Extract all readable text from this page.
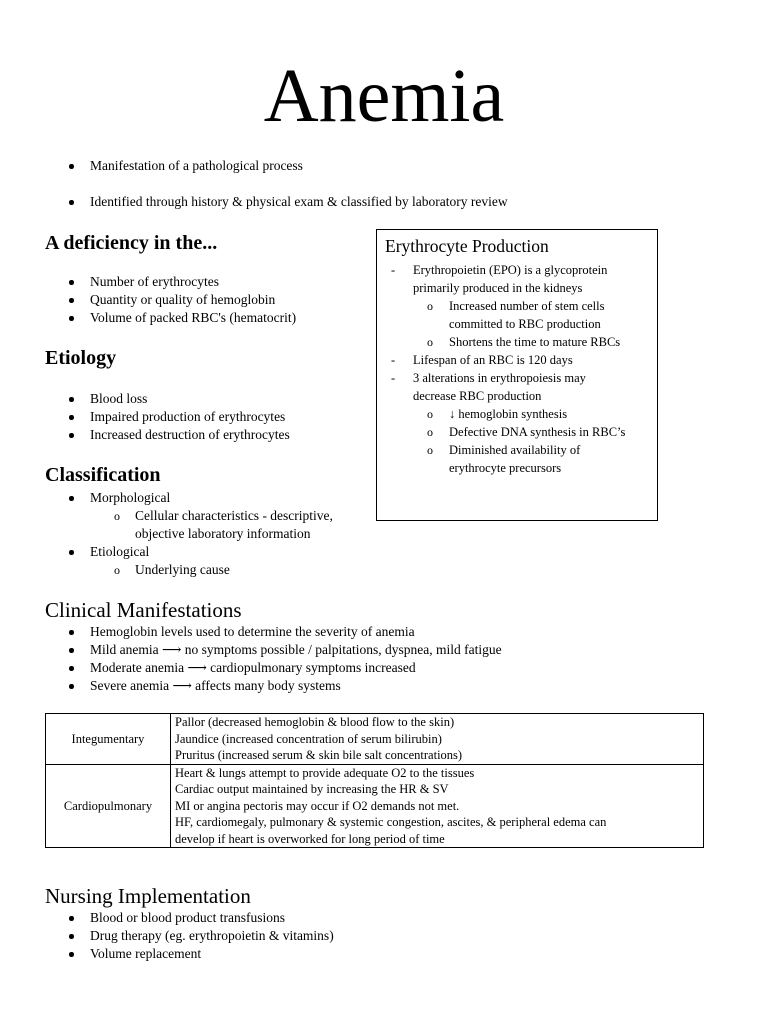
Anemia
Manifestation of a pathological process
Identified through history & physical exam & classified by laboratory review
A deficiency in the...
Number of erythrocytes
Quantity or quality of hemoglobin
Volume of packed RBC's (hematocrit)
Etiology
Blood loss
Impaired production of erythrocytes
Increased destruction of erythrocytes
Classification
Morphological
o Cellular characteristics - descriptive,
objective laboratory information
Etiological
o Underlying cause
Erythrocyte Production
- Erythropoietin (EPO) is a glycoprotein
primarily produced in the kidneys
o Increased number of stem cells
committed to RBC production
o Shortens the time to mature RBCs
- Lifespan of an RBC is 120 days
- 3 alterations in erythropoiesis may
decrease RBC production
o ↓ hemoglobin synthesis
o Defective DNA synthesis in RBC’s
o Diminished availability of
erythrocyte precursors
Clinical Manifestations
Hemoglobin levels used to determine the severity of anemia
Mild anemia ⟶ no symptoms possible / palpitations, dyspnea, mild fatigue
Moderate anemia ⟶ cardiopulmonary symptoms increased
Severe anemia ⟶ affects many body systems
Integumentary	Pallor (decreased hemoglobin & blood flow to the skin)
Jaundice (increased concentration of serum bilirubin)
Pruritus (increased serum & skin bile salt concentrations)

Cardiopulmonary	Heart & lungs attempt to provide adequate O2 to the tissues
Cardiac output maintained by increasing the HR & SV
MI or angina pectoris may occur if O2 demands not met.
HF, cardiomegaly, pulmonary & systemic congestion, ascites, & peripheral edema can
develop if heart is overworked for long period of time
Nursing Implementation
Blood or blood product transfusions
Drug therapy (eg. erythropoietin & vitamins)
Volume replacement
